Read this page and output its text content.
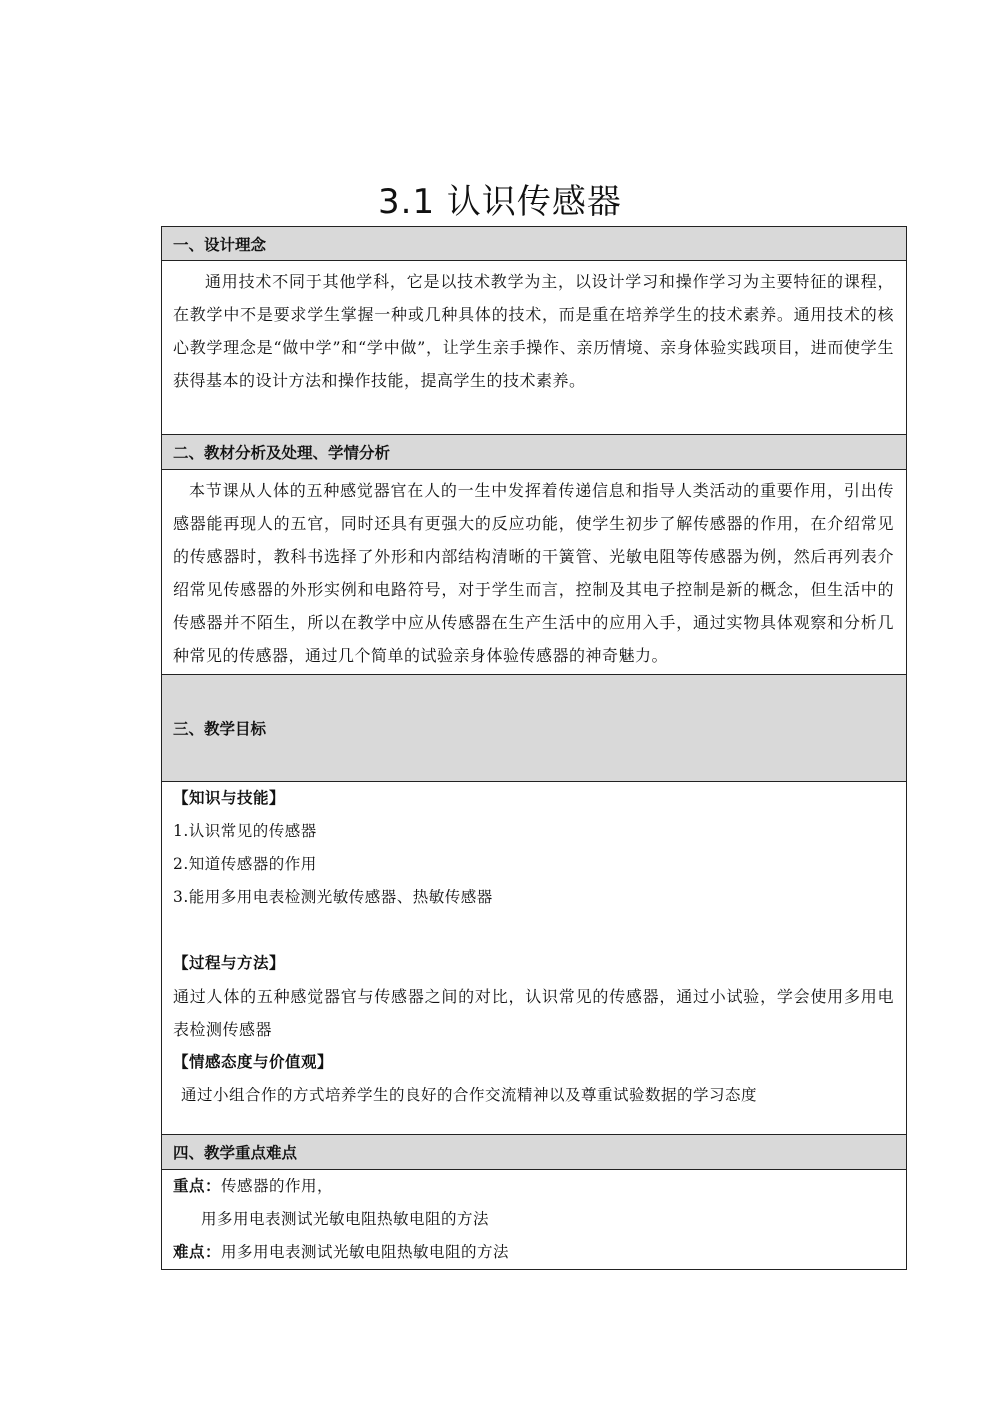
3.1 认识传感器
一、设计理念

通用技术不同于其他学科，它是以技术教学为主，以设计学习和操作学习为主要特征的课程，在教学中不是要求学生掌握一种或几种具体的技术，而是重在培养学生的技术素养。通用技术的核心教学理念是“做中学”和“学中做”，让学生亲手操作、亲历情境、亲身体验实践项目，进而使学生获得基本的设计方法和操作技能，提高学生的技术素养。

二、教材分析及处理、学情分析

本节课从人体的五种感觉器官在人的一生中发挥着传递信息和指导人类活动的重要作用，引出传感器能再现人的五官，同时还具有更强大的反应功能，使学生初步了解传感器的作用，在介绍常见的传感器时，教科书选择了外形和内部结构清晰的干簧管、光敏电阻等传感器为例，然后再列表介绍常见传感器的外形实例和电路符号，对于学生而言，控制及其电子控制是新的概念，但生活中的传感器并不陌生，所以在教学中应从传感器在生产生活中的应用入手，通过实物具体观察和分析几种常见的传感器，通过几个简单的试验亲身体验传感器的神奇魅力。

三、教学目标

【知识与技能】

1.认识常见的传感器

2.知道传感器的作用

3.能用多用电表检测光敏传感器、热敏传感器

【过程与方法】

通过人体的五种感觉器官与传感器之间的对比，认识常见的传感器，通过小试验，学会使用多用电表检测传感器

【情感态度与价值观】

通过小组合作的方式培养学生的良好的合作交流精神以及尊重试验数据的学习态度

四、教学重点难点

重点：传感器的作用，

用多用电表测试光敏电阻热敏电阻的方法

难点：用多用电表测试光敏电阻热敏电阻的方法
